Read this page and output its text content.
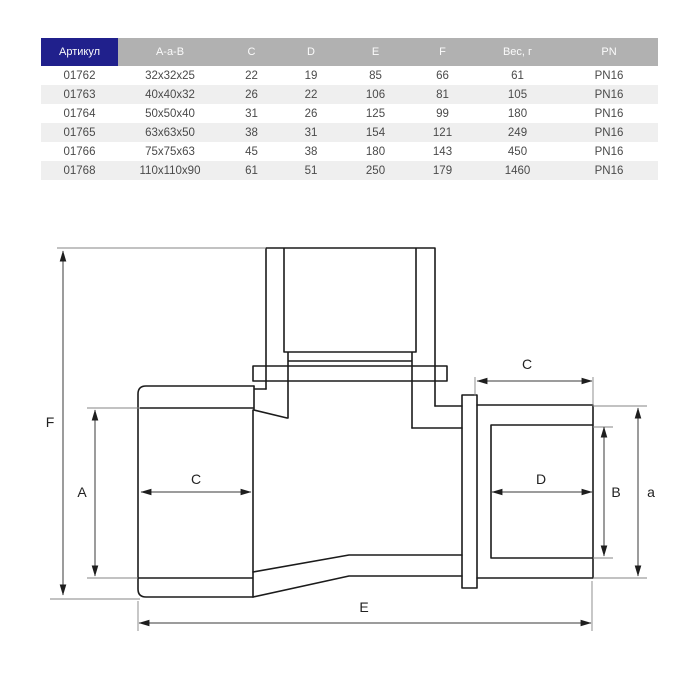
Артикул	A-a-B	C	D	E	F	Вес, г	PN
01762	32x32x25	22	19	85	66	61	PN16
01763	40x40x32	26	22	106	81	105	PN16
01764	50x50x40	31	26	125	99	180	PN16
01765	63x63x50	38	31	154	121	249	PN16
01766	75x75x63	45	38	180	143	450	PN16
01768	110x110x90	61	51	250	179	1460	PN16
F
A
C
C
D
B a
E
